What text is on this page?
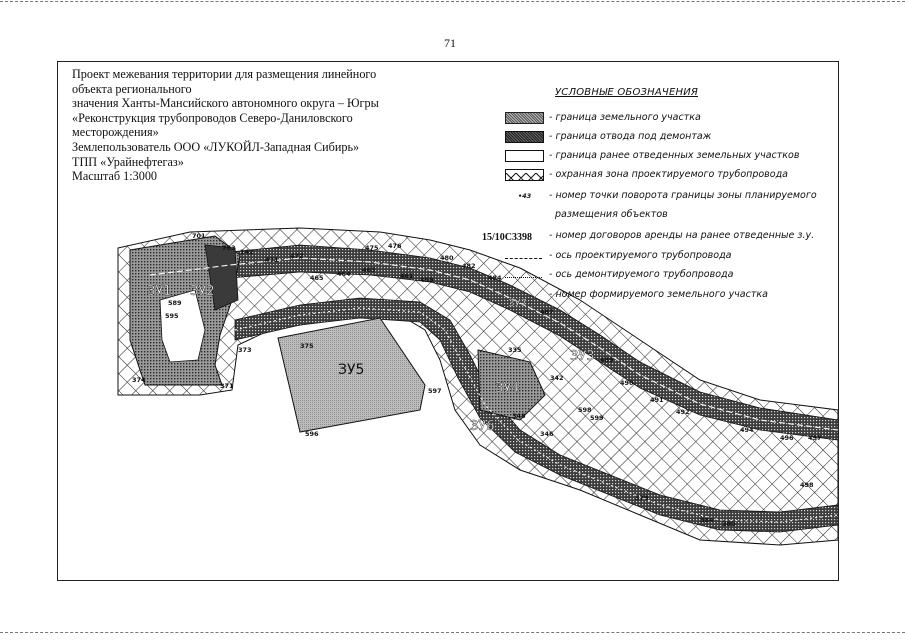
ЗУ1 ЗУ2
ЗУ3
ЗУ4
ЗУ5
ЗУ6
ЗУ7
701
703 142
471 472
475 476
480
482
484
487
489
490
491
492
494
496 497
465 464 463
461 459
375
373
371
374
589
595
596
597
598
599
498
379
384 380
348
346
342
335
71
Проект межевания территории для размещения линейного
объекта регионального
значения Ханты-Мансийского автономного округа – Югры
«Реконструкция трубопроводов Северо-Даниловского
месторождения»
Землепользователь ООО «ЛУКОЙЛ-Западная Сибирь»
ТПП «Урайнефтегаз»
Масштаб 1:3000
УСЛОВНЫЕ ОБОЗНАЧЕНИЯ
•43
15/10С3398
- граница земельного участка
- граница отвода под демонтаж
- граница ранее отведенных земельных участков
- охранная зона проектируемого трубопровода
- номер точки поворота границы зоны планируемого
размещения объектов
- номер договоров аренды на ранее отведенные з.у.
- ось проектируемого трубопровода
- ось демонтируемого трубопровода
- номер формируемого земельного участка
